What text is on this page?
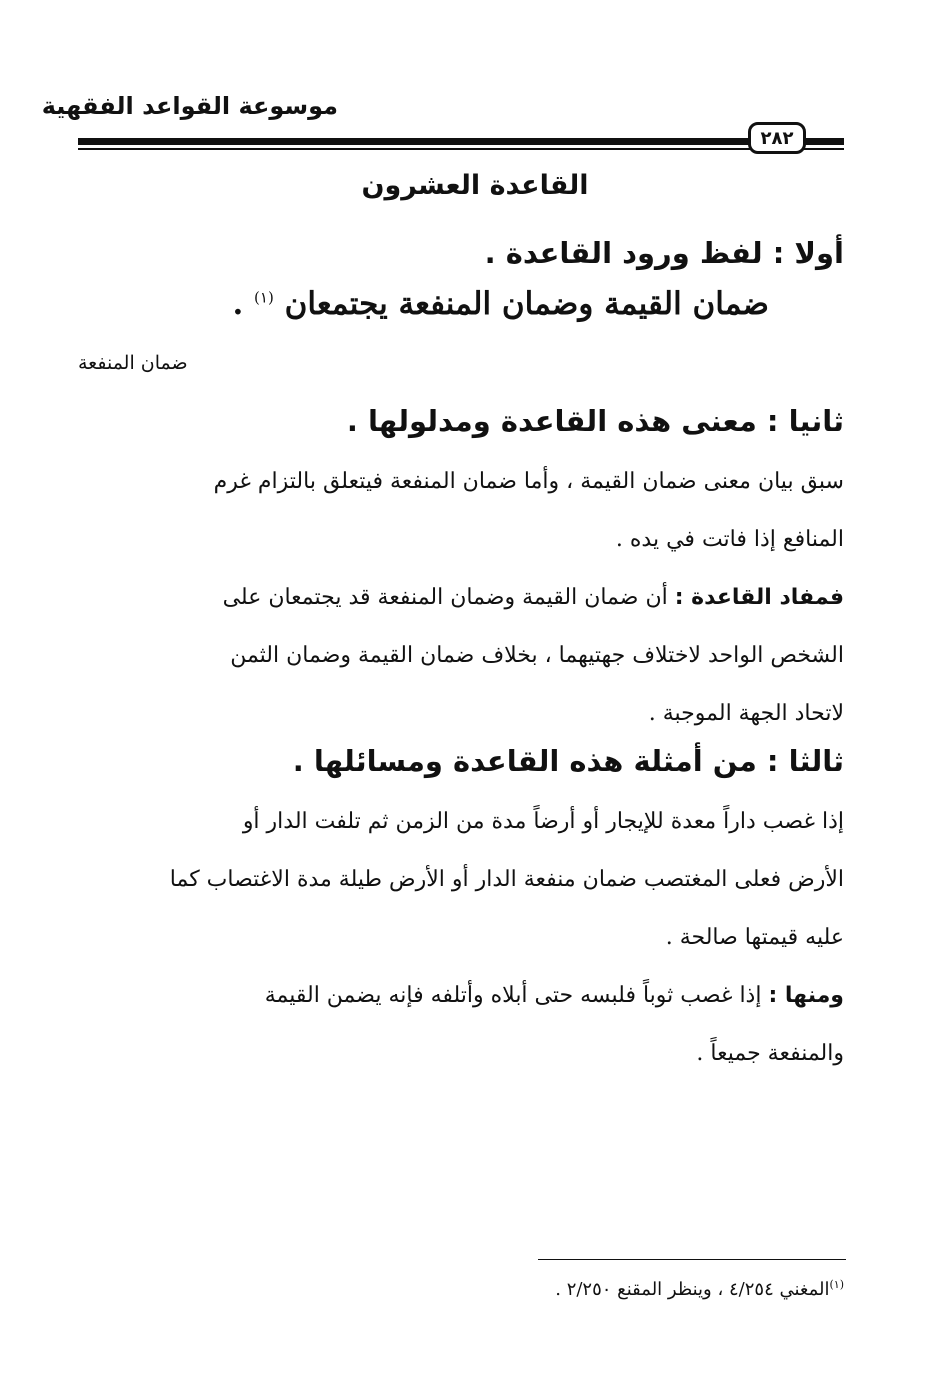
موسوعة القواعد الفقهية
٢٨٢
القاعدة العشرون
أولا : لفظ ورود القاعدة .
ضمان القيمة وضمان المنفعة يجتمعان $^{(١)}$ .
ضمان المنفعة
ثانيا : معنى هذه القاعدة ومدلولها .
سبق بيان معنى ضمان القيمة ، وأما ضمان المنفعة فيتعلق بالتزام غرم
المنافع إذا فاتت في يده .
فمفاد القاعدة : أن ضمان القيمة وضمان المنفعة قد يجتمعان على
الشخص الواحد لاختلاف جهتيهما ، بخلاف ضمان القيمة وضمان الثمن
لاتحاد الجهة الموجبة .
ثالثا : من أمثلة هذه القاعدة ومسائلها .
إذا غصب داراً معدة للإيجار أو أرضاً مدة من الزمن ثم تلفت الدار أو
الأرض فعلى المغتصب ضمان منفعة الدار أو الأرض طيلة مدة الاغتصاب كما
عليه قيمتها صالحة .
ومنها : إذا غصب ثوباً فلبسه حتى أبلاه وأتلفه فإنه يضمن القيمة
والمنفعة جميعاً .
$^{(١)}$المغني ٤/٢٥٤ ، وينظر المقنع ٢/٢٥٠ .
